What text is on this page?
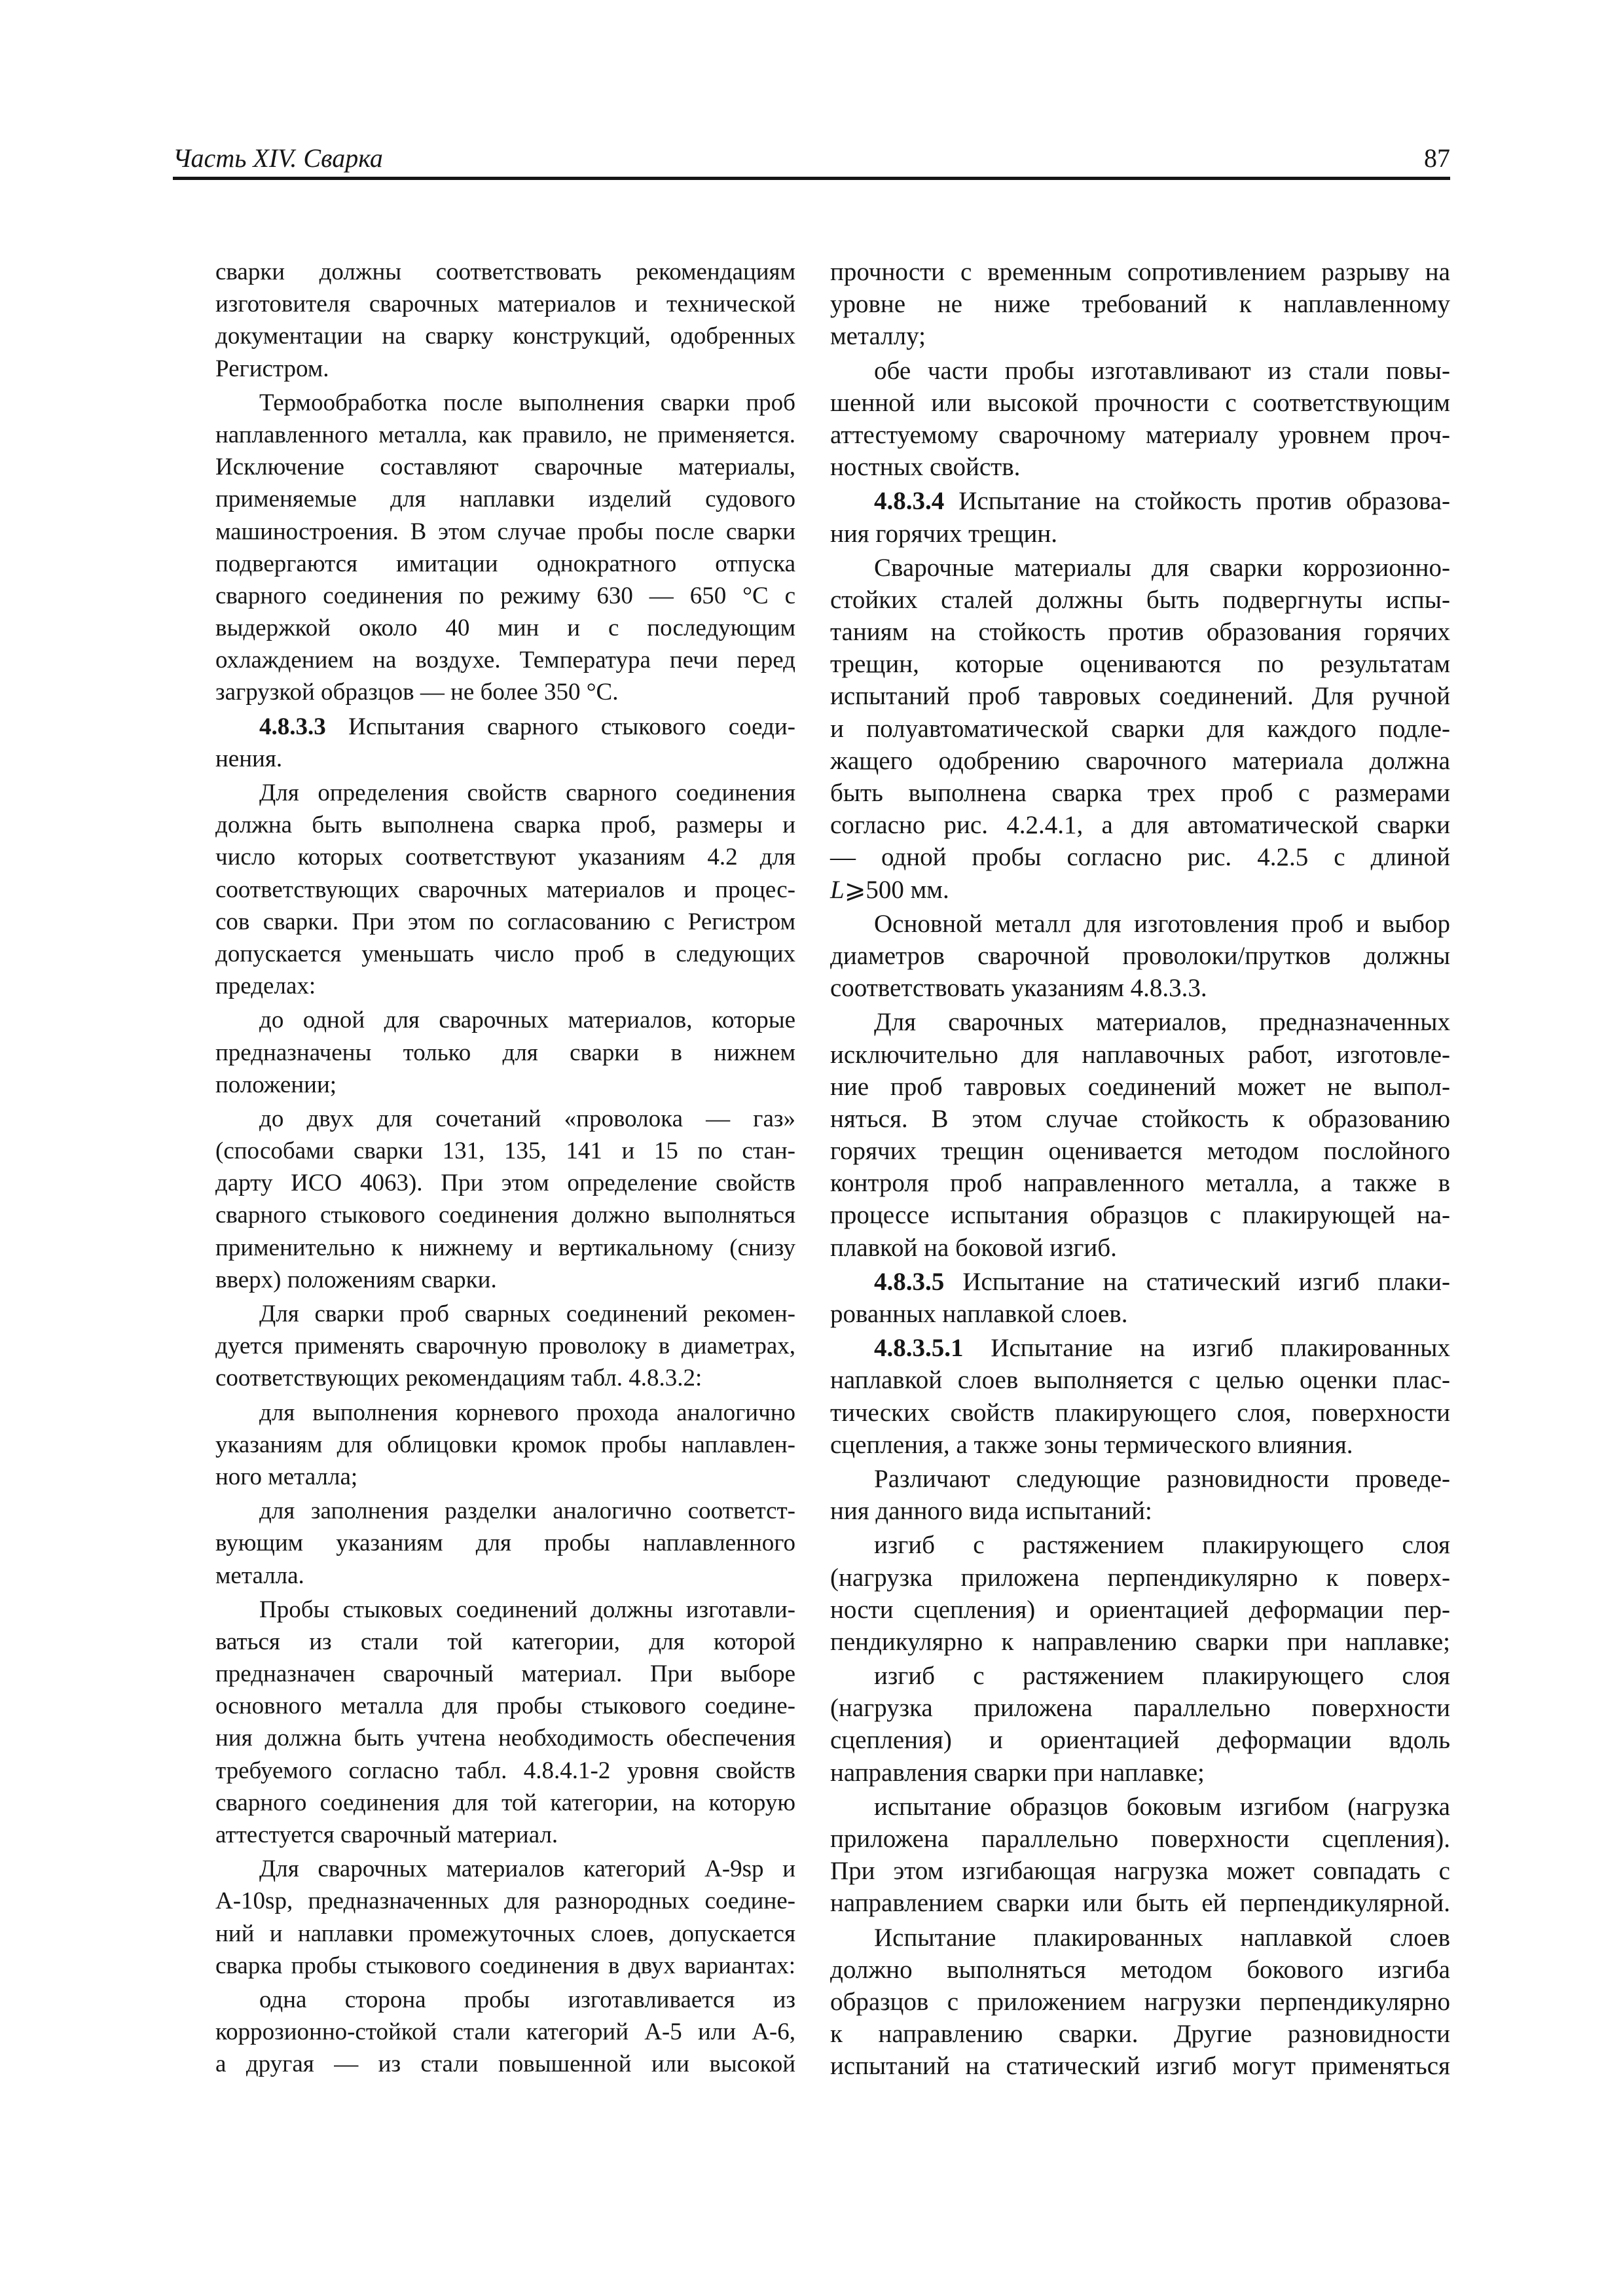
Часть XIV. Сварка	87
сварки должны соответствовать рекомендациям
изготовителя сварочных материалов и технической
документации на сварку конструкций, одобренных
Регистром.
Термообработка после выполнения сварки проб
наплавленного металла, как правило, не применяется.
Исключение составляют сварочные материалы,
применяемые для наплавки изделий судового
машиностроения. В этом случае пробы после сварки
подвергаются имитации однократного отпуска
сварного соединения по режиму 630 — 650 °С с
выдержкой около 40 мин и с последующим
охлаждением на воздухе. Температура печи перед
загрузкой образцов — не более 350 °С.
4.8.3.3 Испытания сварного стыкового соеди-
нения.
Для определения свойств сварного соединения
должна быть выполнена сварка проб, размеры и
число которых соответствуют указаниям 4.2 для
соответствующих сварочных материалов и процес-
сов сварки. При этом по согласованию с Регистром
допускается уменьшать число проб в следующих
пределах:
до одной для сварочных материалов, которые
предназначены только для сварки в нижнем
положении;
до двух для сочетаний «проволока — газ»
(способами сварки 131, 135, 141 и 15 по стан-
дарту ИСО 4063). При этом определение свойств
сварного стыкового соединения должно выполняться
применительно к нижнему и вертикальному (снизу
вверх) положениям сварки.
Для сварки проб сварных соединений рекомен-
дуется применять сварочную проволоку в диаметрах,
соответствующих рекомендациям табл. 4.8.3.2:
для выполнения корневого прохода аналогично
указаниям для облицовки кромок пробы наплавлен-
ного металла;
для заполнения разделки аналогично соответст-
вующим указаниям для пробы наплавленного
металла.
Пробы стыковых соединений должны изготавли-
ваться из стали той категории, для которой
предназначен сварочный материал. При выборе
основного металла для пробы стыкового соедине-
ния должна быть учтена необходимость обеспечения
требуемого согласно табл. 4.8.4.1-2 уровня свойств
сварного соединения для той категории, на которую
аттестуется сварочный материал.
Для сварочных материалов категорий А-9sp и
А-10sp, предназначенных для разнородных соедине-
ний и наплавки промежуточных слоев, допускается
сварка пробы стыкового соединения в двух вариантах:
одна сторона пробы изготавливается из
коррозионно-стойкой стали категорий А-5 или А-6,
а другая — из стали повышенной или высокой
прочности с временным сопротивлением разрыву на
уровне не ниже требований к наплавленному
металлу;
обе части пробы изготавливают из стали повы-
шенной или высокой прочности с соответствующим
аттестуемому сварочному материалу уровнем проч-
ностных свойств.
4.8.3.4 Испытание на стойкость против образова-
ния горячих трещин.
Сварочные материалы для сварки коррозионно-
стойких сталей должны быть подвергнуты испы-
таниям на стойкость против образования горячих
трещин, которые оцениваются по результатам
испытаний проб тавровых соединений. Для ручной
и полуавтоматической сварки для каждого подле-
жащего одобрению сварочного материала должна
быть выполнена сварка трех проб с размерами
согласно рис. 4.2.4.1, а для автоматической сварки
— одной пробы согласно рис. 4.2.5 с длиной
L⩾500 мм.
Основной металл для изготовления проб и выбор
диаметров сварочной проволоки/прутков должны
соответствовать указаниям 4.8.3.3.
Для сварочных материалов, предназначенных
исключительно для наплавочных работ, изготовле-
ние проб тавровых соединений может не выпол-
няться. В этом случае стойкость к образованию
горячих трещин оценивается методом послойного
контроля проб направленного металла, а также в
процессе испытания образцов с плакирующей на-
плавкой на боковой изгиб.
4.8.3.5 Испытание на статический изгиб плаки-
рованных наплавкой слоев.
4.8.3.5.1 Испытание на изгиб плакированных
наплавкой слоев выполняется с целью оценки плас-
тических свойств плакирующего слоя, поверхности
сцепления, а также зоны термического влияния.
Различают следующие разновидности проведе-
ния данного вида испытаний:
изгиб с растяжением плакирующего слоя
(нагрузка приложена перпендикулярно к поверх-
ности сцепления) и ориентацией деформации пер-
пендикулярно к направлению сварки при наплавке;
изгиб с растяжением плакирующего слоя
(нагрузка приложена параллельно поверхности
сцепления) и ориентацией деформации вдоль
направления сварки при наплавке;
испытание образцов боковым изгибом (нагрузка
приложена параллельно поверхности сцепления).
При этом изгибающая нагрузка может совпадать с
направлением сварки или быть ей перпендикулярной.
Испытание плакированных наплавкой слоев
должно выполняться методом бокового изгиба
образцов с приложением нагрузки перпендикулярно
к направлению сварки. Другие разновидности
испытаний на статический изгиб могут применяться
